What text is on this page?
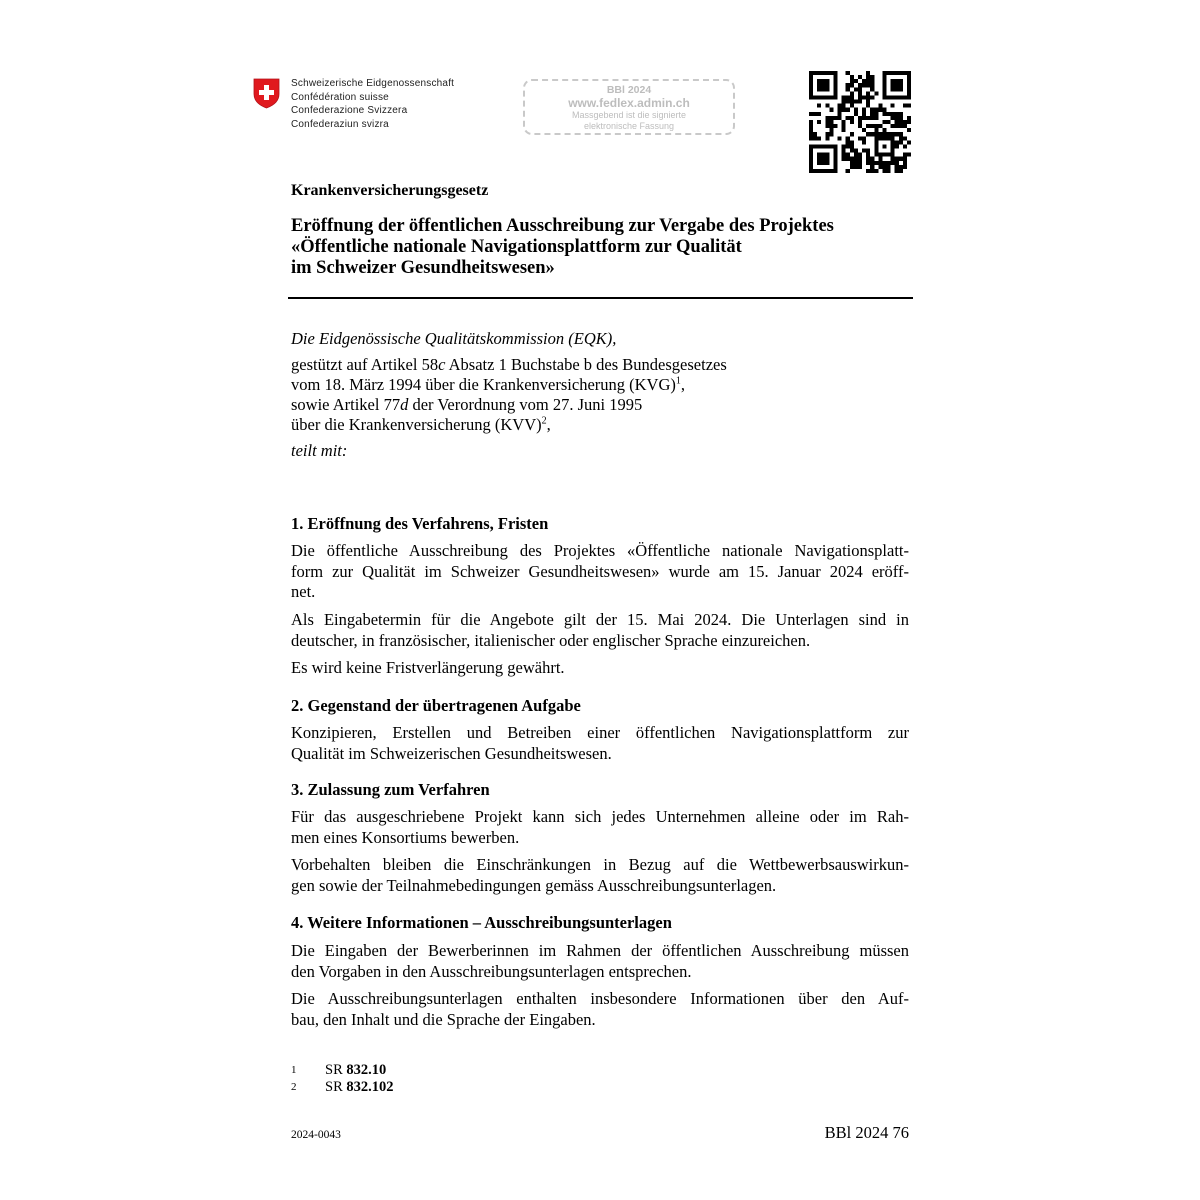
Schweizerische Eidgenossenschaft
Confédération suisse
Confederazione Svizzera
Confederaziun svizra
BBl 2024
www.fedlex.admin.ch
Massgebend ist die signierte
elektronische Fassung
Krankenversicherungsgesetz
Eröffnung der öffentlichen Ausschreibung zur Vergabe des Projektes
«Öffentliche nationale Navigationsplattform zur Qualität
im Schweizer Gesundheitswesen»
Die Eidgenössische Qualitätskommission (EQK),
gestützt auf Artikel 58c Absatz 1 Buchstabe b des Bundesgesetzes
vom 18. März 1994 über die Krankenversicherung (KVG)$^1$,
sowie Artikel 77d der Verordnung vom 27. Juni 1995
über die Krankenversicherung (KVV)$^2$,
teilt mit:
1. Eröffnung des Verfahrens, Fristen
Die öffentliche Ausschreibung des Projektes «Öffentliche nationale Navigationsplatt-
form zur Qualität im Schweizer Gesundheitswesen» wurde am 15. Januar 2024 eröff-
net.
Als Eingabetermin für die Angebote gilt der 15. Mai 2024. Die Unterlagen sind in
deutscher, in französischer, italienischer oder englischer Sprache einzureichen.
Es wird keine Fristverlängerung gewährt.
2. Gegenstand der übertragenen Aufgabe
Konzipieren, Erstellen und Betreiben einer öffentlichen Navigationsplattform zur
Qualität im Schweizerischen Gesundheitswesen.
3. Zulassung zum Verfahren
Für das ausgeschriebene Projekt kann sich jedes Unternehmen alleine oder im Rah-
men eines Konsortiums bewerben.
Vorbehalten bleiben die Einschränkungen in Bezug auf die Wettbewerbsauswirkun-
gen sowie der Teilnahmebedingungen gemäss Ausschreibungsunterlagen.
4. Weitere Informationen – Ausschreibungsunterlagen
Die Eingaben der Bewerberinnen im Rahmen der öffentlichen Ausschreibung müssen
den Vorgaben in den Ausschreibungsunterlagen entsprechen.
Die Ausschreibungsunterlagen enthalten insbesondere Informationen über den Auf-
bau, den Inhalt und die Sprache der Eingaben.
1 SR 832.10
2 SR 832.102
2024-0043	BBl 2024 76
